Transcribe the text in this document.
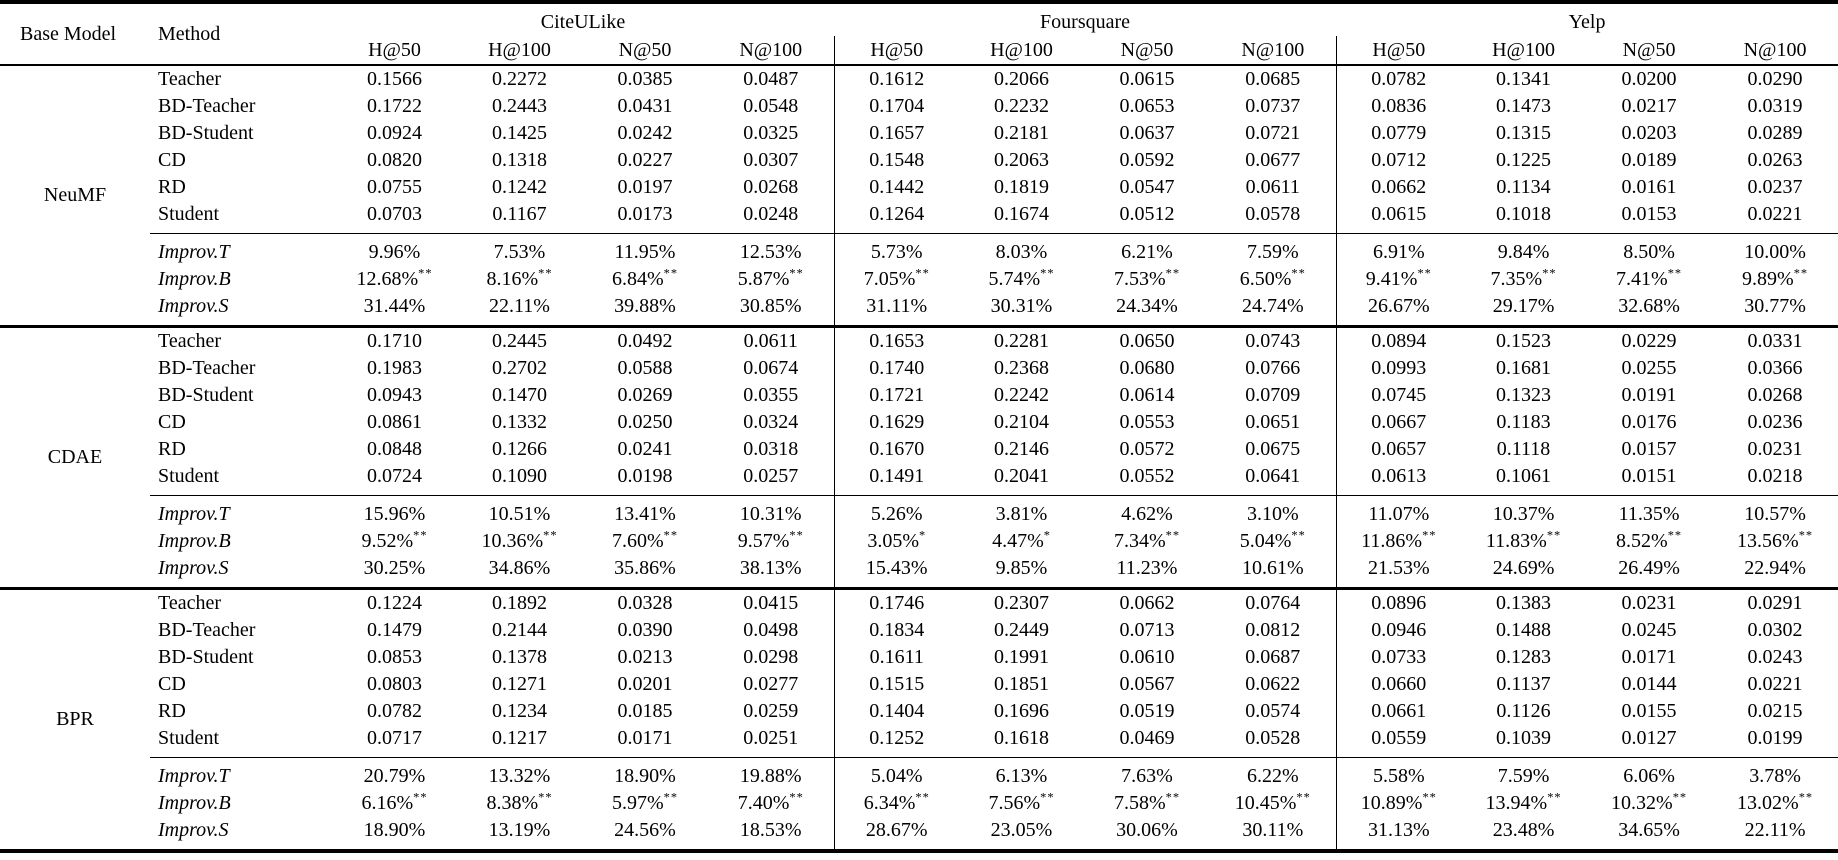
Base Model	Method	CiteULike				Foursquare				Yelp			
		H@50	H@100	N@50	N@100	H@50	H@100	N@50	N@100	H@50	H@100	N@50	N@100
NeuMF	Teacher	0.1566	0.2272	0.0385	0.0487	0.1612	0.2066	0.0615	0.0685	0.0782	0.1341	0.0200	0.0290
	BD-Teacher	0.1722	0.2443	0.0431	0.0548	0.1704	0.2232	0.0653	0.0737	0.0836	0.1473	0.0217	0.0319
	BD-Student	0.0924	0.1425	0.0242	0.0325	0.1657	0.2181	0.0637	0.0721	0.0779	0.1315	0.0203	0.0289
	CD	0.0820	0.1318	0.0227	0.0307	0.1548	0.2063	0.0592	0.0677	0.0712	0.1225	0.0189	0.0263
	RD	0.0755	0.1242	0.0197	0.0268	0.1442	0.1819	0.0547	0.0611	0.0662	0.1134	0.0161	0.0237
	Student	0.0703	0.1167	0.0173	0.0248	0.1264	0.1674	0.0512	0.0578	0.0615	0.1018	0.0153	0.0221
	Improv.T	9.96%	7.53%	11.95%	12.53%	5.73%	8.03%	6.21%	7.59%	6.91%	9.84%	8.50%	10.00%
	Improv.B	12.68%**	8.16%**	6.84%**	5.87%**	7.05%**	5.74%**	7.53%**	6.50%**	9.41%**	7.35%**	7.41%**	9.89%**
	Improv.S	31.44%	22.11%	39.88%	30.85%	31.11%	30.31%	24.34%	24.74%	26.67%	29.17%	32.68%	30.77%
CDAE	Teacher	0.1710	0.2445	0.0492	0.0611	0.1653	0.2281	0.0650	0.0743	0.0894	0.1523	0.0229	0.0331
	BD-Teacher	0.1983	0.2702	0.0588	0.0674	0.1740	0.2368	0.0680	0.0766	0.0993	0.1681	0.0255	0.0366
	BD-Student	0.0943	0.1470	0.0269	0.0355	0.1721	0.2242	0.0614	0.0709	0.0745	0.1323	0.0191	0.0268
	CD	0.0861	0.1332	0.0250	0.0324	0.1629	0.2104	0.0553	0.0651	0.0667	0.1183	0.0176	0.0236
	RD	0.0848	0.1266	0.0241	0.0318	0.1670	0.2146	0.0572	0.0675	0.0657	0.1118	0.0157	0.0231
	Student	0.0724	0.1090	0.0198	0.0257	0.1491	0.2041	0.0552	0.0641	0.0613	0.1061	0.0151	0.0218
	Improv.T	15.96%	10.51%	13.41%	10.31%	5.26%	3.81%	4.62%	3.10%	11.07%	10.37%	11.35%	10.57%
	Improv.B	9.52%**	10.36%**	7.60%**	9.57%**	3.05%*	4.47%*	7.34%**	5.04%**	11.86%**	11.83%**	8.52%**	13.56%**
	Improv.S	30.25%	34.86%	35.86%	38.13%	15.43%	9.85%	11.23%	10.61%	21.53%	24.69%	26.49%	22.94%
BPR	Teacher	0.1224	0.1892	0.0328	0.0415	0.1746	0.2307	0.0662	0.0764	0.0896	0.1383	0.0231	0.0291
	BD-Teacher	0.1479	0.2144	0.0390	0.0498	0.1834	0.2449	0.0713	0.0812	0.0946	0.1488	0.0245	0.0302
	BD-Student	0.0853	0.1378	0.0213	0.0298	0.1611	0.1991	0.0610	0.0687	0.0733	0.1283	0.0171	0.0243
	CD	0.0803	0.1271	0.0201	0.0277	0.1515	0.1851	0.0567	0.0622	0.0660	0.1137	0.0144	0.0221
	RD	0.0782	0.1234	0.0185	0.0259	0.1404	0.1696	0.0519	0.0574	0.0661	0.1126	0.0155	0.0215
	Student	0.0717	0.1217	0.0171	0.0251	0.1252	0.1618	0.0469	0.0528	0.0559	0.1039	0.0127	0.0199
	Improv.T	20.79%	13.32%	18.90%	19.88%	5.04%	6.13%	7.63%	6.22%	5.58%	7.59%	6.06%	3.78%
	Improv.B	6.16%**	8.38%**	5.97%**	7.40%**	6.34%**	7.56%**	7.58%**	10.45%**	10.89%**	13.94%**	10.32%**	13.02%**
	Improv.S	18.90%	13.19%	24.56%	18.53%	28.67%	23.05%	30.06%	30.11%	31.13%	23.48%	34.65%	22.11%
